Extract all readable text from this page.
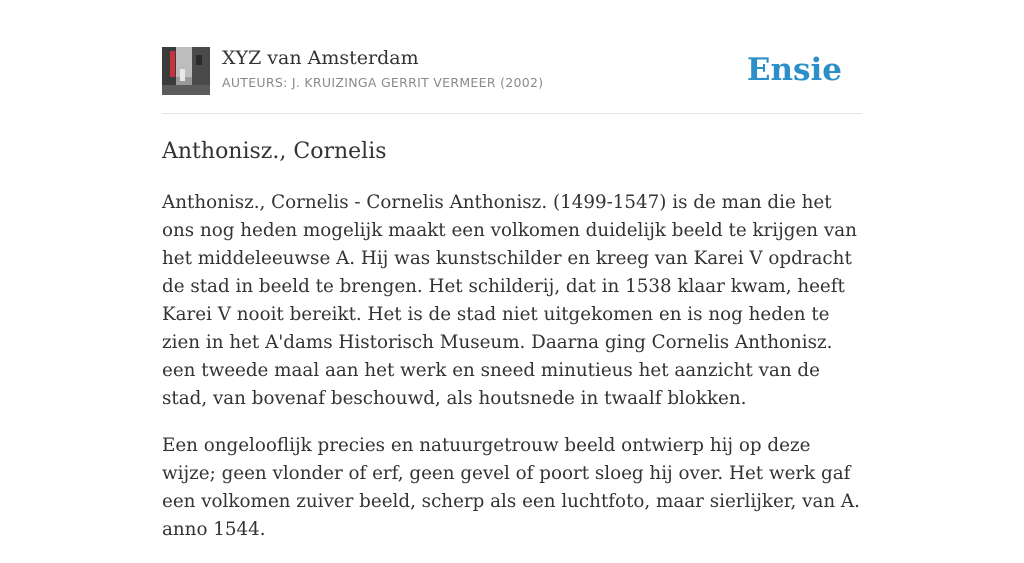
XYZ van Amsterdam
AUTEURS: J. KRUIZINGA GERRIT VERMEER (2002)	Ensie
Anthonisz., Cornelis

Anthonisz., Cornelis - Cornelis Anthonisz. (1499-1547) is de man die het ons nog heden mogelijk maakt een volkomen duidelijk beeld te krijgen van het middeleeuwse A. Hij was kunstschilder en kreeg van Karei V opdracht de stad in beeld te brengen. Het schilderij, dat in 1538 klaar kwam, heeft Karei V nooit bereikt. Het is de stad niet uitgekomen en is nog heden te zien in het A'dams Historisch Museum. Daarna ging Cornelis Anthonisz. een tweede maal aan het werk en sneed minutieus het aanzicht van de stad, van bovenaf beschouwd, als houtsnede in twaalf blokken.

Een ongelooflijk precies en natuurgetrouw beeld ontwierp hij op deze wijze; geen vlonder of erf, geen gevel of poort sloeg hij over. Het werk gaf een volkomen zuiver beeld, scherp als een luchtfoto, maar sierlijker, van A. anno 1544.
